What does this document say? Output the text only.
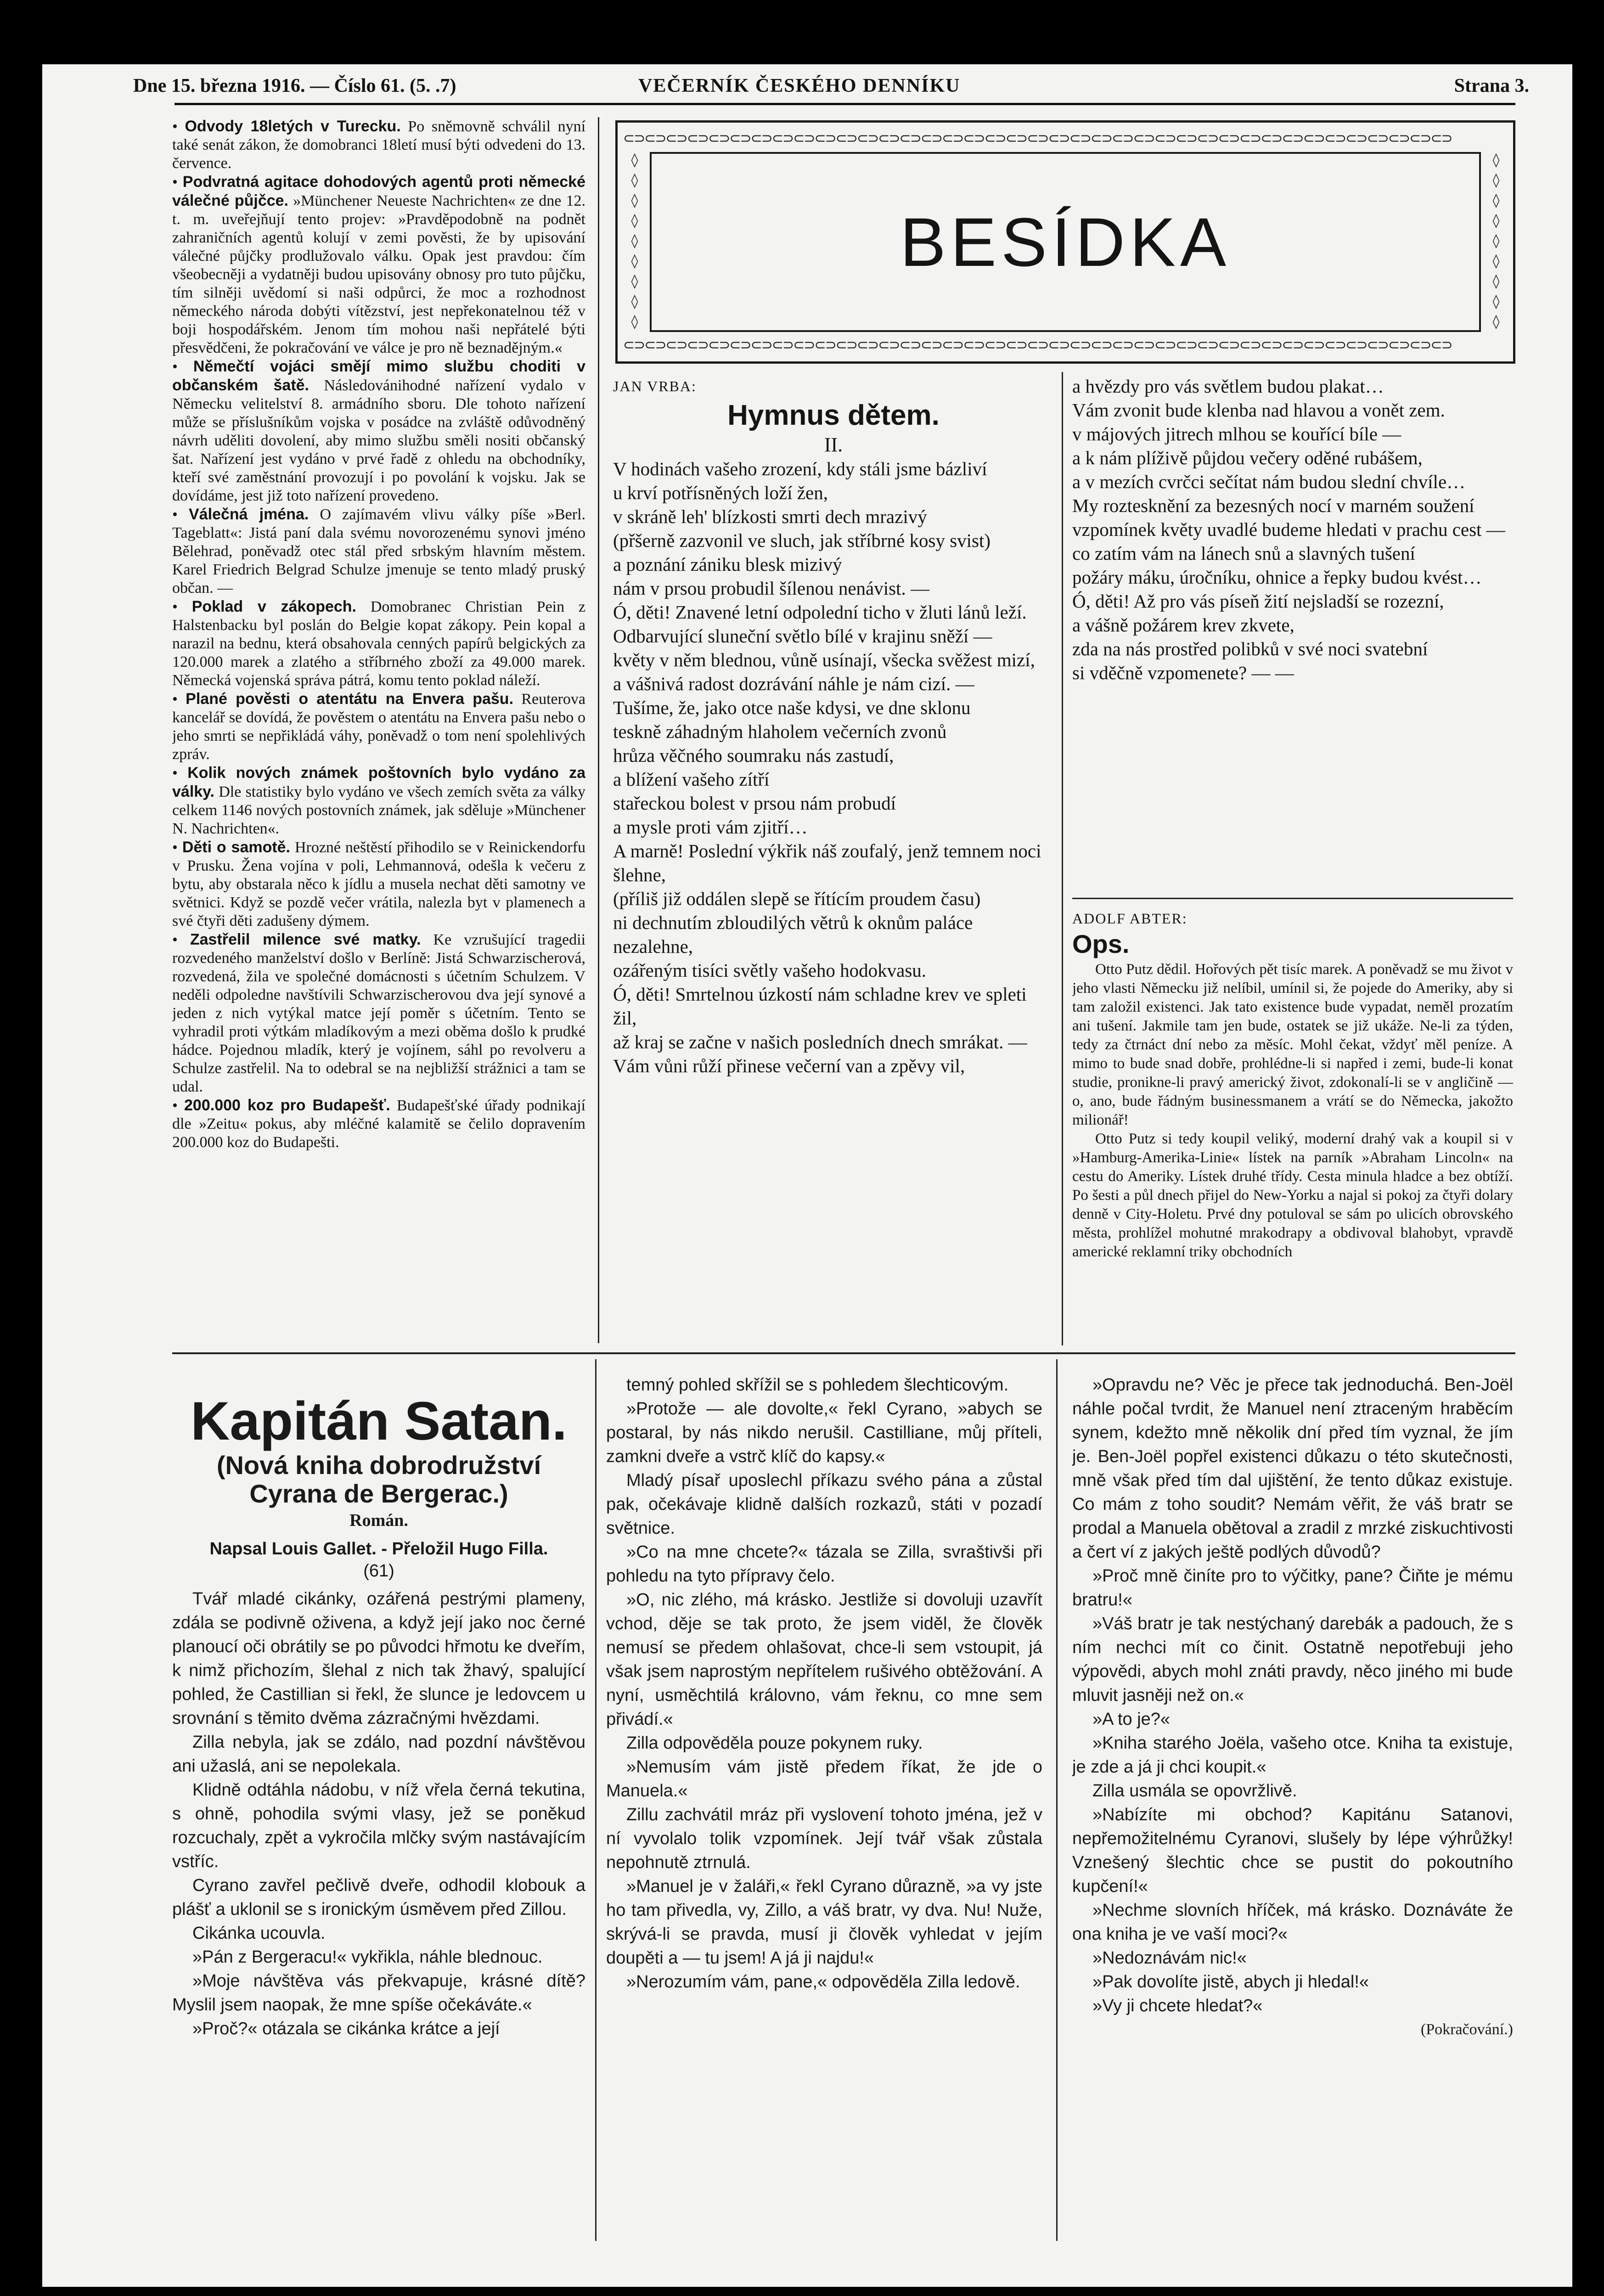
Dne 15. března 1916. — Číslo 61. (5. .7)	VEČERNÍK ČESKÉHO DENNÍKU	Strana 3.

• Odvody 18letých v Turecku. Po sněmovně schválil nyní také senát zákon, že domobranci 18letí musí býti odvedeni do 13. července.

• Podvratná agitace dohodových agentů proti německé válečné půjčce. »Münchener Neueste Nachrichten« ze dne 12. t. m. uveřejňují tento projev: »Pravděpodobně na podnět zahraničních agentů kolují v zemi pověsti, že by upisování válečné půjčky prodlužovalo válku. Opak jest pravdou: čím všeobecněji a vydatněji budou upisovány obnosy pro tuto půjčku, tím silněji uvědomí si naši odpůrci, že moc a rozhodnost německého národa dobýti vítězství, jest nepřekonatelnou též v boji hospodářském. Jenom tím mohou naši nepřátelé býti přesvědčeni, že pokračování ve válce je pro ně beznadějným.«

• Němečtí vojáci smějí mimo službu choditi v občanském šatě. Následovánihodné nařízení vydalo v Německu velitelství 8. armádního sboru. Dle tohoto nařízení může se příslušníkům vojska v posádce na zvláště odůvodněný návrh uděliti dovolení, aby mimo službu směli nositi občanský šat. Nařízení jest vydáno v prvé řadě z ohledu na obchodníky, kteří své zaměstnání provozují i po povolání k vojsku. Jak se dovídáme, jest již toto nařízení provedeno.

• Válečná jména. O zajímavém vlivu války píše »Berl. Tageblatt«: Jistá paní dala svému novorozenému synovi jméno Bělehrad, poněvadž otec stál před srbským hlavním městem. Karel Friedrich Belgrad Schulze jmenuje se tento mladý pruský občan. —

• Poklad v zákopech. Domobranec Christian Pein z Halstenbacku byl poslán do Belgie kopat zákopy. Pein kopal a narazil na bednu, která obsahovala cenných papírů belgických za 120.000 marek a zlatého a stříbrného zboží za 49.000 marek. Německá vojenská správa pátrá, komu tento poklad náleží.

• Plané pověsti o atentátu na Envera pašu. Reuterova kancelář se dovídá, že pověstem o atentátu na Envera pašu nebo o jeho smrti se nepřikládá váhy, poněvadž o tom není spolehlivých zpráv.

• Kolik nových známek poštovních bylo vydáno za války. Dle statistiky bylo vydáno ve všech zemích světa za války celkem 1146 nových postovních známek, jak sděluje »Münchener N. Nachrichten«.

• Děti o samotě. Hrozné neštěstí přihodilo se v Reinickendorfu v Prusku. Žena vojína v poli, Lehmannová, odešla k večeru z bytu, aby obstarala něco k jídlu a musela nechat děti samotny ve světnici. Když se pozdě večer vrátila, nalezla byt v plamenech a své čtyři děti zadušeny dýmem.

• Zastřelil milence své matky. Ke vzrušující tragedii rozvedeného manželství došlo v Berlíně: Jistá Schwarzischerová, rozvedená, žila ve společné domácnosti s účetním Schulzem. V neděli odpoledne navštívili Schwarzischerovou dva její synové a jeden z nich vytýkal matce její poměr s účetním. Tento se vyhradil proti výtkám mladíkovým a mezi oběma došlo k prudké hádce. Pojednou mladík, který je vojínem, sáhl po revolveru a Schulze zastřelil. Na to odebral se na nejbližší strážnici a tam se udal.

• 200.000 koz pro Budapešť. Budapešťské úřady podnikají dle »Zeitu« pokus, aby mléčné kalamitě se čelilo dopravením 200.000 koz do Budapešti.

⊂⊃⊂⊃⊂⊃⊂⊃⊂⊃⊂⊃⊂⊃⊂⊃⊂⊃⊂⊃⊂⊃⊂⊃⊂⊃⊂⊃⊂⊃⊂⊃⊂⊃⊂⊃⊂⊃⊂⊃⊂⊃⊂⊃⊂⊃⊂⊃⊂⊃⊂⊃⊂⊃⊂⊃⊂⊃⊂⊃⊂⊃⊂⊃⊂⊃⊂⊃⊂⊃⊂⊃⊂⊃⊂⊃⊂⊃
⊂⊃⊂⊃⊂⊃⊂⊃⊂⊃⊂⊃⊂⊃⊂⊃⊂⊃⊂⊃⊂⊃⊂⊃⊂⊃⊂⊃⊂⊃⊂⊃⊂⊃⊂⊃⊂⊃⊂⊃⊂⊃⊂⊃⊂⊃⊂⊃⊂⊃⊂⊃⊂⊃⊂⊃⊂⊃⊂⊃⊂⊃⊂⊃⊂⊃⊂⊃⊂⊃⊂⊃⊂⊃⊂⊃⊂⊃
◊
◊
◊
◊
◊
◊
◊
◊
◊
◊
◊
◊
◊
◊
◊
◊
◊
◊
BESÍDKA

JAN VRBA:

Hymnus dětem.

II.

V hodinách vašeho zrození, kdy stáli jsme bázliví

u krví potřísněných loží žen,

v skráně leh' blízkosti smrti dech mrazivý

(přšerně zazvonil ve sluch, jak stříbrné kosy svist)

a poznání zániku blesk mizivý

nám v prsou probudil šílenou nenávist. —

Ó, děti! Znavené letní odpolední ticho v žluti lánů leží.

Odbarvující sluneční světlo bílé v krajinu sněží —

květy v něm blednou, vůně usínají, všecka svěžest mizí,

a vášnivá radost dozrávání náhle je nám cizí. —

Tušíme, že, jako otce naše kdysi, ve dne sklonu

teskně záhadným hlaholem večerních zvonů

hrůza věčného soumraku nás zastudí,

a blížení vašeho zítří

stařeckou bolest v prsou nám probudí

a mysle proti vám zjitří…

A marně! Poslední výkřik náš zoufalý, jenž temnem noci šlehne,

(příliš již oddálen slepě se řítícím proudem času)

ni dechnutím zbloudilých větrů k oknům paláce nezalehne,

ozářeným tisíci světly vašeho hodokvasu.

Ó, děti! Smrtelnou úzkostí nám schladne krev ve spleti žil,

až kraj se začne v našich posledních dnech smrákat. —

Vám vůni růží přinese večerní van a zpěvy vil,

a hvězdy pro vás světlem budou plakat…

Vám zvonit bude klenba nad hlavou a vonět zem.

v májových jitrech mlhou se kouřící bíle —

a k nám plíživě půjdou večery oděné rubášem,

a v mezích cvrčci sečítat nám budou slední chvíle…

My roztesknění za bezesných nocí v marném soužení

vzpomínek květy uvadlé budeme hledati v prachu cest —

co zatím vám na lánech snů a slavných tušení

požáry máku, úročníku, ohnice a řepky budou kvést…

Ó, děti! Až pro vás píseň žití nejsladší se rozezní,

a vášně požárem krev zkvete,

zda na nás prostřed polibků v své noci svatební

si vděčně vzpomenete? — —

ADOLF ABTER:

Ops.

Otto Putz dědil. Hořových pět tisíc marek. A poněvadž se mu život v jeho vlasti Německu již nelíbil, umínil si, že pojede do Ameriky, aby si tam založil existenci. Jak tato existence bude vypadat, neměl prozatím ani tušení. Jakmile tam jen bude, ostatek se již ukáže. Ne-li za týden, tedy za čtrnáct dní nebo za měsíc. Mohl čekat, vždyť měl peníze. A mimo to bude snad dobře, prohlédne-li si napřed i zemi, bude-li konat studie, pronikne-li pravý americký život, zdokonalí-li se v angličině — o, ano, bude řádným businessmanem a vrátí se do Německa, jakožto milionář!

Otto Putz si tedy koupil veliký, moderní drahý vak a koupil si v »Hamburg-Amerika-Linie« lístek na parník »Abraham Lincoln« na cestu do Ameriky. Lístek druhé třídy. Cesta minula hladce a bez obtíží. Po šesti a půl dnech přijel do New-Yorku a najal si pokoj za čtyři dolary denně v City-Holetu. Prvé dny potuloval se sám po ulicích obrovského města, prohlížel mohutné mrakodrapy a obdivoval blahobyt, vpravdě americké reklamní triky obchodních

Kapitán Satan.
(Nová kniha dobrodružství Cyrana de Bergerac.)
Román.
Napsal Louis Gallet. - Přeložil Hugo Filla.
(61)

Tvář mladé cikánky, ozářená pestrými plameny, zdála se podivně oživena, a když její jako noc černé planoucí oči obrátily se po původci hřmotu ke dveřím, k nimž přichozím, šlehal z nich tak žhavý, spalující pohled, že Castillian si řekl, že slunce je ledovcem u srovnání s těmito dvěma zázračnými hvězdami.

Zilla nebyla, jak se zdálo, nad pozdní návštěvou ani užaslá, ani se nepolekala.

Klidně odtáhla nádobu, v níž vřela černá tekutina, s ohně, pohodila svými vlasy, jež se poněkud rozcuchaly, zpět a vykročila mlčky svým nastávajícím vstříc.

Cyrano zavřel pečlivě dveře, odhodil klobouk a plášť a uklonil se s ironickým úsměvem před Zillou.

Cikánka ucouvla.

»Pán z Bergeracu!« vykřikla, náhle blednouc.

»Moje návštěva vás překvapuje, krásné dítě? Myslil jsem naopak, že mne spíše očekáváte.«

»Proč?« otázala se cikánka krátce a její

temný pohled skřížil se s pohledem šlechticovým.

»Protože — ale dovolte,« řekl Cyrano, »abych se postaral, by nás nikdo nerušil. Castilliane, můj příteli, zamkni dveře a vstrč klíč do kapsy.«

Mladý písař uposlechl příkazu svého pána a zůstal pak, očekávaje klidně dalších rozkazů, státi v pozadí světnice.

»Co na mne chcete?« tázala se Zilla, svraštivši při pohledu na tyto přípravy čelo.

»O, nic zlého, má krásko. Jestliže si dovoluji uzavřít vchod, děje se tak proto, že jsem viděl, že člověk nemusí se předem ohlašovat, chce-li sem vstoupit, já však jsem naprostým nepřítelem rušivého obtěžování. A nyní, usměchtilá královno, vám řeknu, co mne sem přivádí.«

Zilla odpověděla pouze pokynem ruky.

»Nemusím vám jistě předem říkat, že jde o Manuela.«

Zillu zachvátil mráz při vyslovení tohoto jména, jež v ní vyvolalo tolik vzpomínek. Její tvář však zůstala nepohnutě ztrnulá.

»Manuel je v žaláři,« řekl Cyrano důrazně, »a vy jste ho tam přivedla, vy, Zillo, a váš bratr, vy dva. Nu! Nuže, skrývá-li se pravda, musí ji člověk vyhledat v jejím doupěti a — tu jsem! A já ji najdu!«

»Nerozumím vám, pane,« odpověděla Zilla ledově.

»Opravdu ne? Věc je přece tak jednoduchá. Ben-Joël náhle počal tvrdit, že Manuel není ztraceným hraběcím synem, kdežto mně několik dní před tím vyznal, že jím je. Ben-Joël popřel existenci důkazu o této skutečnosti, mně však před tím dal ujištění, že tento důkaz existuje. Co mám z toho soudit? Nemám věřit, že váš bratr se prodal a Manuela obětoval a zradil z mrzké ziskuchtivosti a čert ví z jakých ještě podlých důvodů?

»Proč mně činíte pro to výčitky, pane? Čiňte je mému bratru!«

»Váš bratr je tak nestýchaný darebák a padouch, že s ním nechci mít co činit. Ostatně nepotřebuji jeho výpovědi, abych mohl znáti pravdy, něco jiného mi bude mluvit jasněji než on.«

»A to je?«

»Kniha starého Joëla, vašeho otce. Kniha ta existuje, je zde a já ji chci koupit.«

Zilla usmála se opovržlivě.

»Nabízíte mi obchod? Kapitánu Satanovi, nepřemožitelnému Cyranovi, slušely by lépe výhrůžky! Vznešený šlechtic chce se pustit do pokoutního kupčení!«

»Nechme slovních hříček, má krásko. Doznáváte že ona kniha je ve vaší moci?«

»Nedoznávám nic!«

»Pak dovolíte jistě, abych ji hledal!«

»Vy ji chcete hledat?«

(Pokračování.)
